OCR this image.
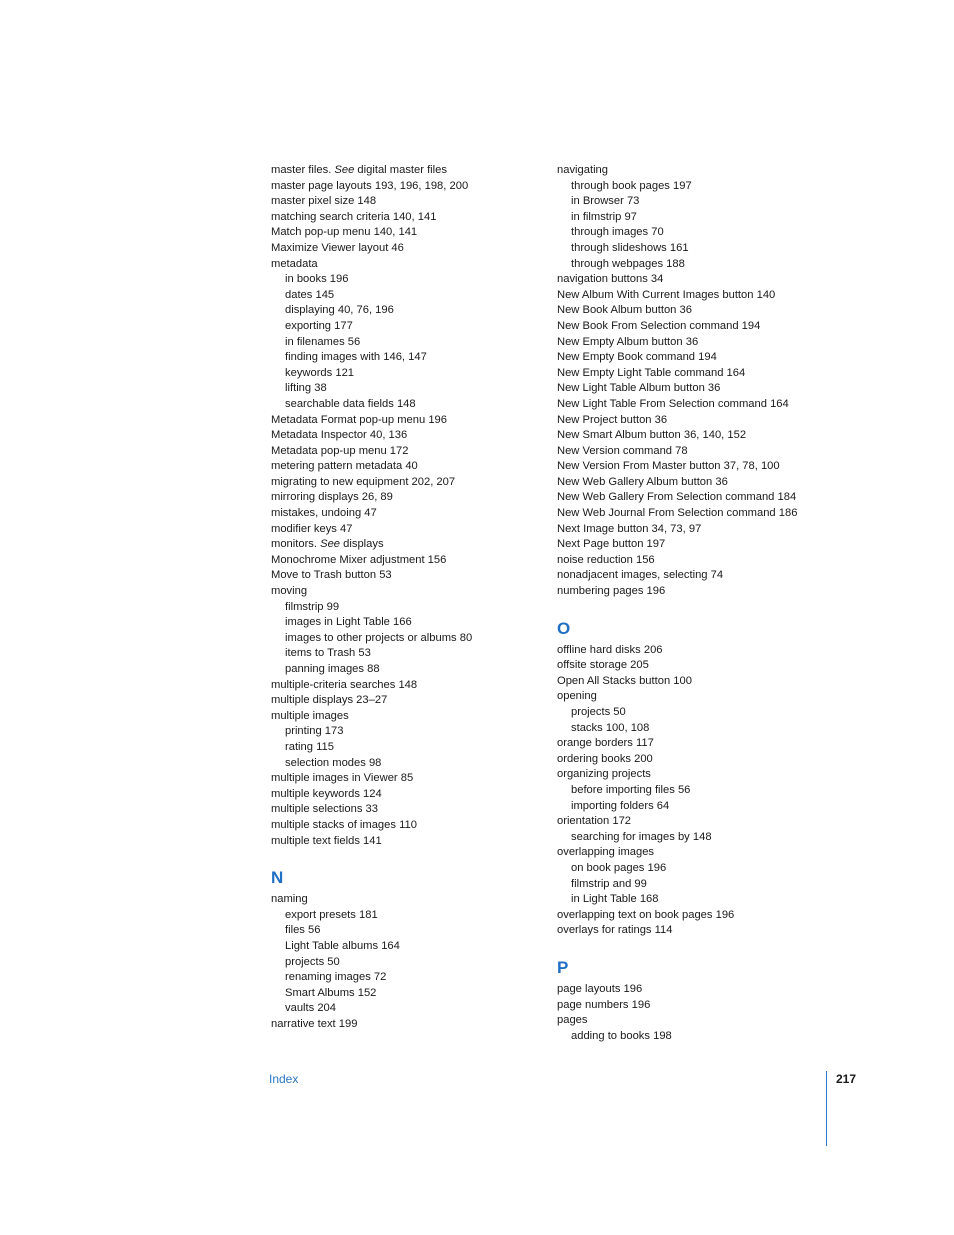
master files. See digital master files
master page layouts 193, 196, 198, 200
master pixel size 148
matching search criteria 140, 141
Match pop-up menu 140, 141
Maximize Viewer layout 46
metadata
in books 196
dates 145
displaying 40, 76, 196
exporting 177
in filenames 56
finding images with 146, 147
keywords 121
lifting 38
searchable data fields 148
Metadata Format pop-up menu 196
Metadata Inspector 40, 136
Metadata pop-up menu 172
metering pattern metadata 40
migrating to new equipment 202, 207
mirroring displays 26, 89
mistakes, undoing 47
modifier keys 47
monitors. See displays
Monochrome Mixer adjustment 156
Move to Trash button 53
moving
filmstrip 99
images in Light Table 166
images to other projects or albums 80
items to Trash 53
panning images 88
multiple-criteria searches 148
multiple displays 23–27
multiple images
printing 173
rating 115
selection modes 98
multiple images in Viewer 85
multiple keywords 124
multiple selections 33
multiple stacks of images 110
multiple text fields 141
N
naming
export presets 181
files 56
Light Table albums 164
projects 50
renaming images 72
Smart Albums 152
vaults 204
narrative text 199
navigating
through book pages 197
in Browser 73
in filmstrip 97
through images 70
through slideshows 161
through webpages 188
navigation buttons 34
New Album With Current Images button 140
New Book Album button 36
New Book From Selection command 194
New Empty Album button 36
New Empty Book command 194
New Empty Light Table command 164
New Light Table Album button 36
New Light Table From Selection command 164
New Project button 36
New Smart Album button 36, 140, 152
New Version command 78
New Version From Master button 37, 78, 100
New Web Gallery Album button 36
New Web Gallery From Selection command 184
New Web Journal From Selection command 186
Next Image button 34, 73, 97
Next Page button 197
noise reduction 156
nonadjacent images, selecting 74
numbering pages 196
O
offline hard disks 206
offsite storage 205
Open All Stacks button 100
opening
projects 50
stacks 100, 108
orange borders 117
ordering books 200
organizing projects
before importing files 56
importing folders 64
orientation 172
searching for images by 148
overlapping images
on book pages 196
filmstrip and 99
in Light Table 168
overlapping text on book pages 196
overlays for ratings 114
P
page layouts 196
page numbers 196
pages
adding to books 198
Index	217
